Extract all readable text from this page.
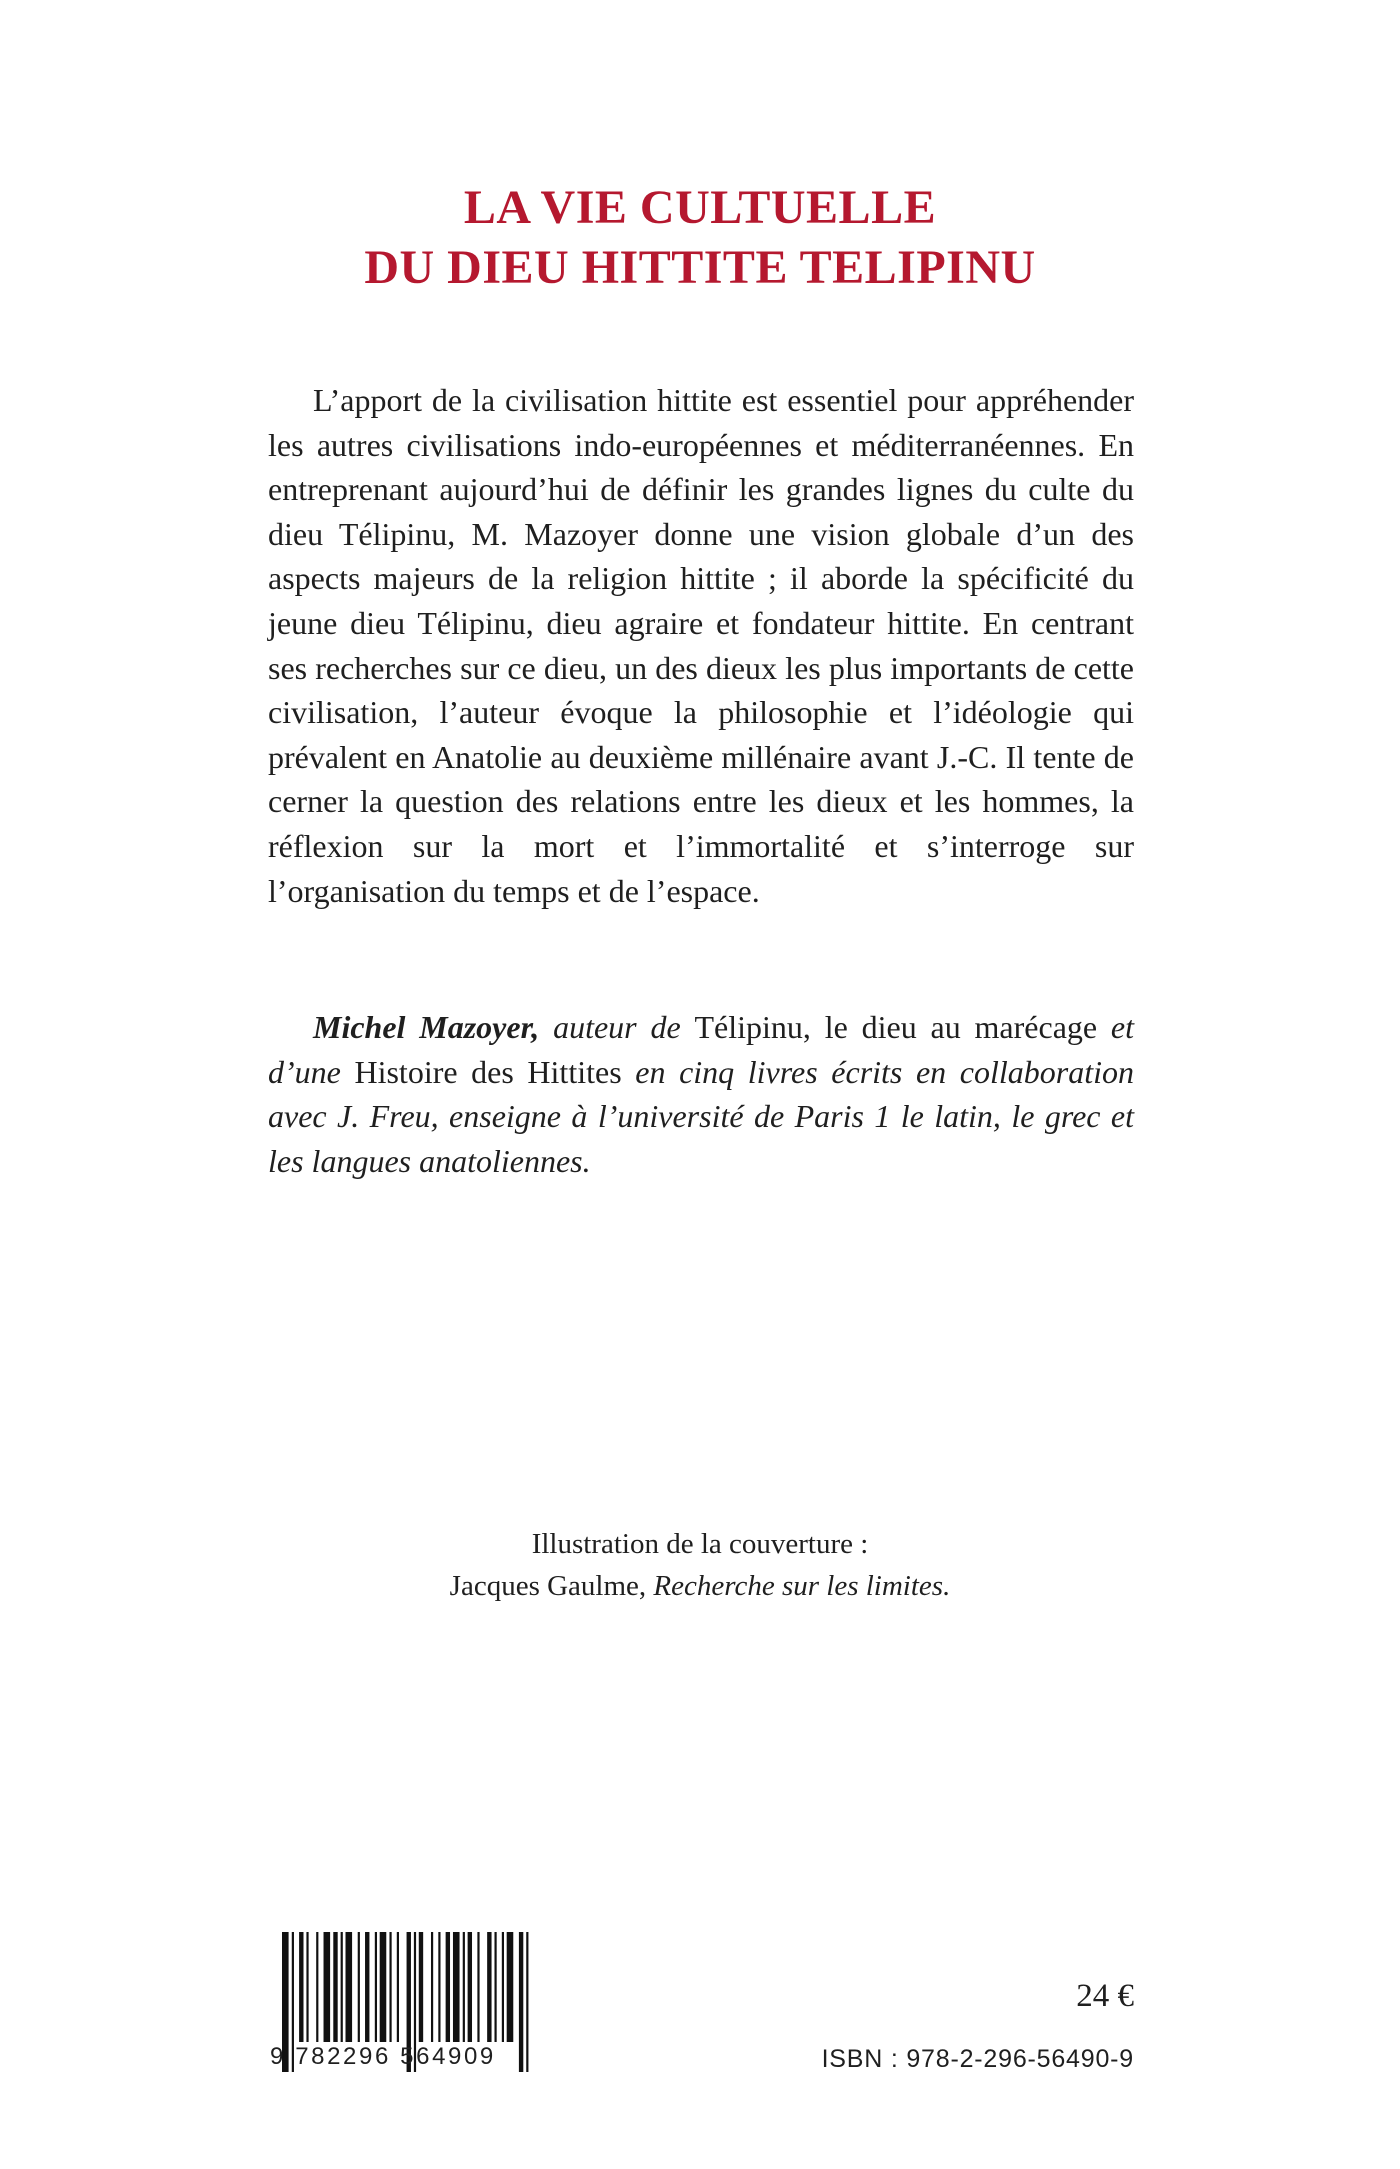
LA VIE CULTUELLE
DU DIEU HITTITE TELIPINU

L’apport de la civilisation hittite est essentiel pour appréhender les autres civilisations indo-européennes et méditerranéennes. En entreprenant aujourd’hui de définir les grandes lignes du culte du dieu Télipinu, M. Mazoyer donne une vision globale d’un des aspects majeurs de la religion hittite ; il aborde la spécificité du jeune dieu Télipinu, dieu agraire et fondateur hittite. En centrant ses recherches sur ce dieu, un des dieux les plus importants de cette civilisation, l’auteur évoque la philosophie et l’idéologie qui prévalent en Anatolie au deuxième millénaire avant J.-C. Il tente de cerner la question des relations entre les dieux et les hommes, la réflexion sur la mort et l’immortalité et s’interroge sur l’organisation du temps et de l’espace.

Michel Mazoyer, auteur de Télipinu, le dieu au marécage et d’une Histoire des Hittites en cinq livres écrits en collaboration avec J. Freu, enseigne à l’université de Paris 1 le latin, le grec et les langues anatoliennes.

Illustration de la couverture :
Jacques Gaulme, Recherche sur les limites.
9 782296 564909
24 €
ISBN : 978-2-296-56490-9
